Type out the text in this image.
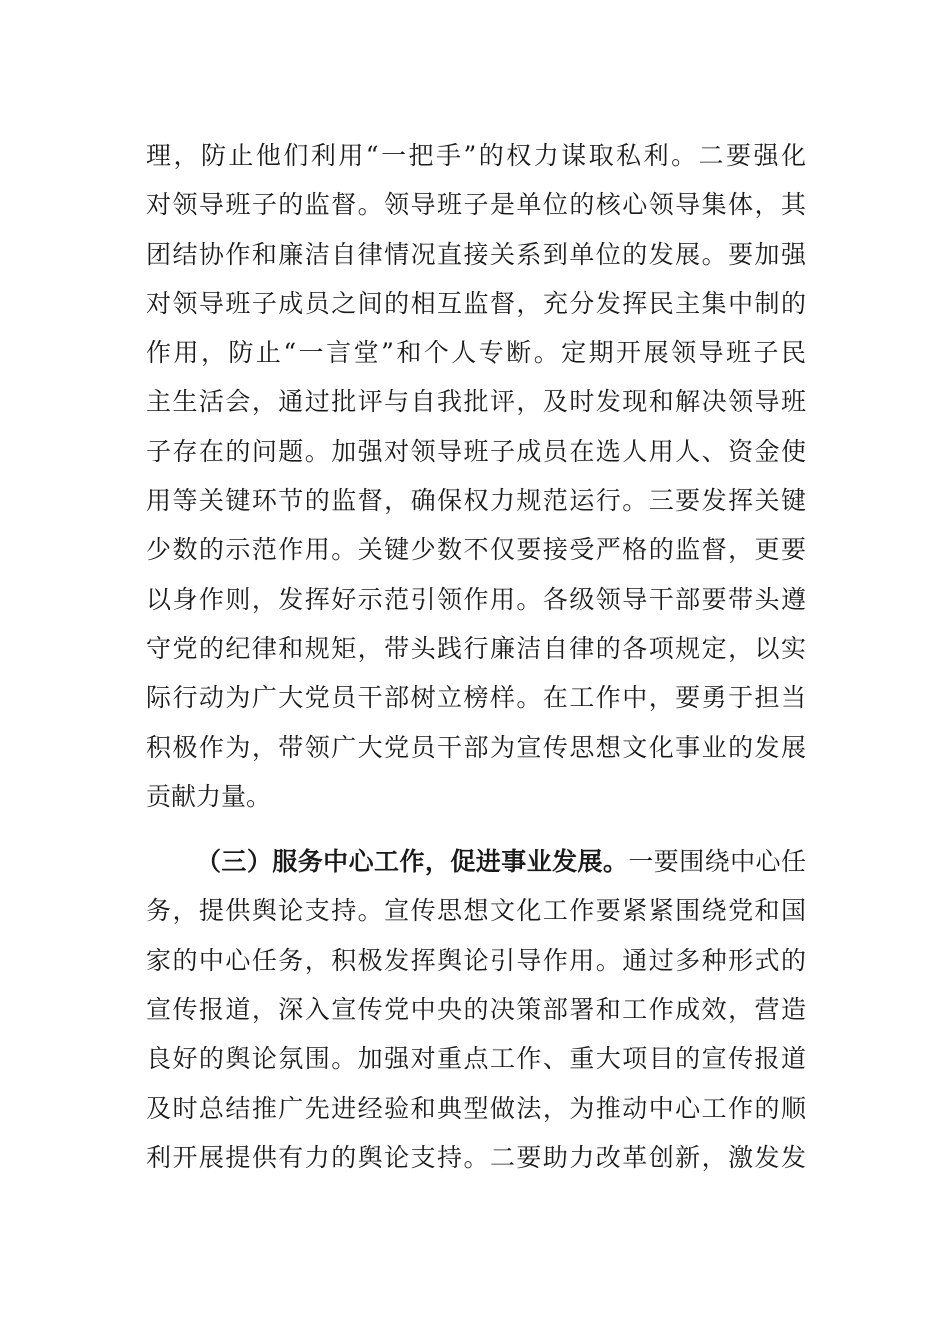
理，防止他们利用“一把手”的权力谋取私利。二要强化
对领导班子的监督。领导班子是单位的核心领导集体，其
团结协作和廉洁自律情况直接关系到单位的发展。要加强
对领导班子成员之间的相互监督，充分发挥民主集中制的
作用，防止“一言堂”和个人专断。定期开展领导班子民
主生活会，通过批评与自我批评，及时发现和解决领导班
子存在的问题。加强对领导班子成员在选人用人、资金使
用等关键环节的监督，确保权力规范运行。三要发挥关键
少数的示范作用。关键少数不仅要接受严格的监督，更要
以身作则，发挥好示范引领作用。各级领导干部要带头遵
守党的纪律和规矩，带头践行廉洁自律的各项规定，以实
际行动为广大党员干部树立榜样。在工作中，要勇于担当
积极作为，带领广大党员干部为宣传思想文化事业的发展
贡献力量。
（三）服务中心工作，促进事业发展。一要围绕中心任
务，提供舆论支持。宣传思想文化工作要紧紧围绕党和国
家的中心任务，积极发挥舆论引导作用。通过多种形式的
宣传报道，深入宣传党中央的决策部署和工作成效，营造
良好的舆论氛围。加强对重点工作、重大项目的宣传报道
及时总结推广先进经验和典型做法，为推动中心工作的顺
利开展提供有力的舆论支持。二要助力改革创新，激发发
